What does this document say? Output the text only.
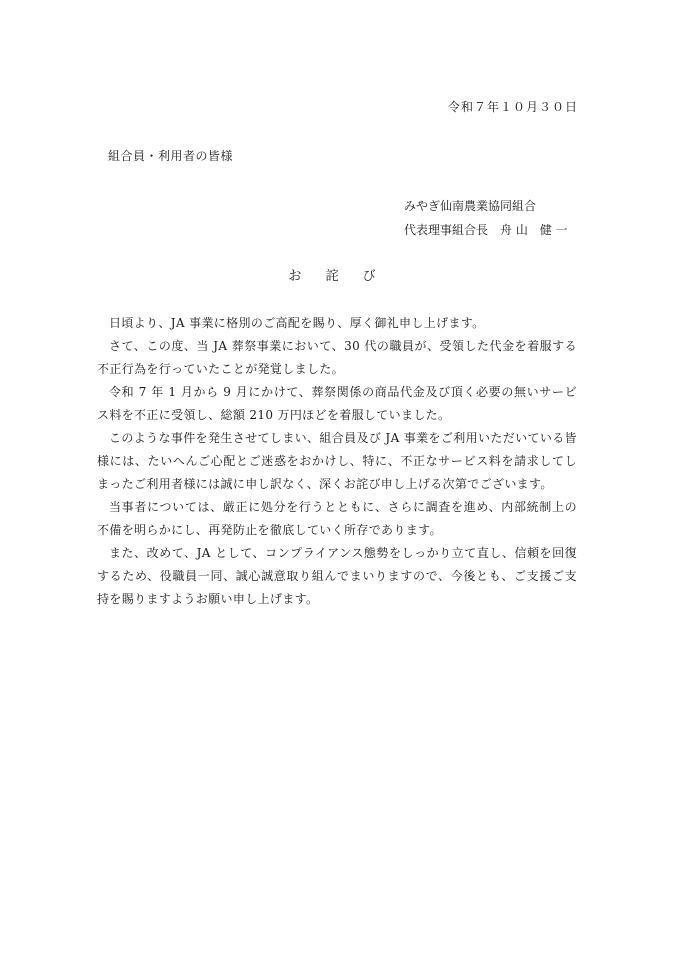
令和７年１０月３０日
組合員・利用者の皆様
みやぎ仙南農業協同組合
代表理事組合長　舟 山　健 一
お 詫 び

日頃より、JA 事業に格別のご高配を賜り、厚く御礼申し上げます。

さて、この度、当 JA 葬祭事業において、30 代の職員が、受領した代金を着服する不正行為を行っていたことが発覚しました。

令和 7 年 1 月から 9 月にかけて、葬祭関係の商品代金及び頂く必要の無いサービス料を不正に受領し、総額 210 万円ほどを着服していました。

このような事件を発生させてしまい、組合員及び JA 事業をご利用いただいている皆様には、たいへんご心配とご迷惑をおかけし、特に、不正なサービス料を請求してしまったご利用者様には誠に申し訳なく、深くお詫び申し上げる次第でございます。

当事者については、厳正に処分を行うとともに、さらに調査を進め、内部統制上の不備を明らかにし、再発防止を徹底していく所存であります。

また、改めて、JA として、コンプライアンス態勢をしっかり立て直し、信頼を回復するため、役職員一同、誠心誠意取り組んでまいりますので、今後とも、ご支援ご支持を賜りますようお願い申し上げます。
